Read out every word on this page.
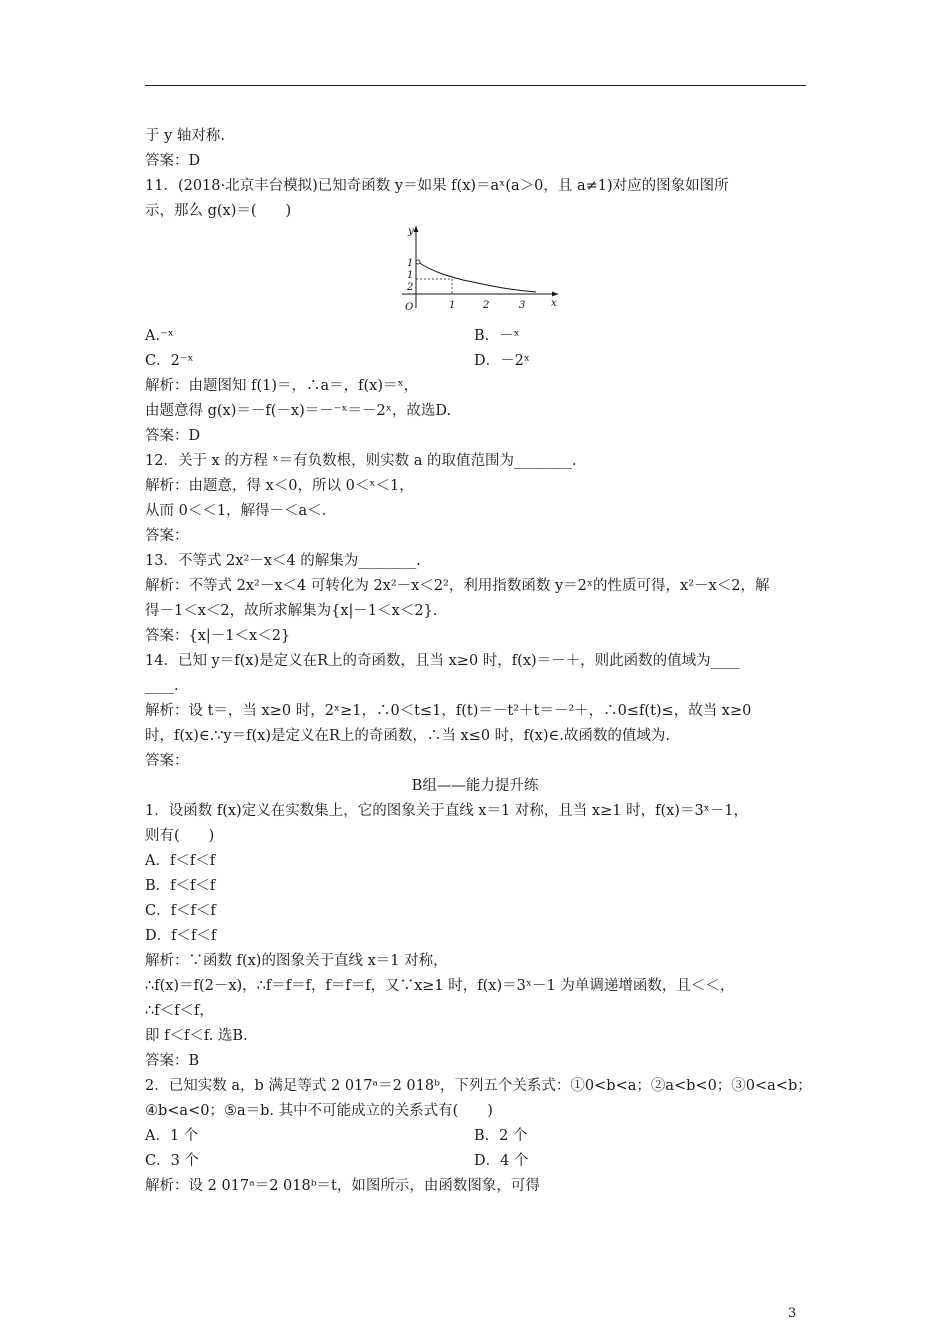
于 y 轴对称.
答案：D
11．(2018·北京丰台模拟)已知奇函数 y＝如果 f(x)＝aˣ(a＞0，且 a≠1)对应的图象如图所
示，那么 g(x)＝(　　)
y
x
O	1	2	3
1
1
2
A.⁻ˣ	B．－ˣ
C．2⁻ˣ	D．－2ˣ
解析：由题图知 f(1)＝，∴a＝，f(x)＝ˣ，
由题意得 g(x)＝－f(－x)＝－⁻ˣ＝－2ˣ，故选D.
答案：D
12．关于 x 的方程 ˣ＝有负数根，则实数 a 的取值范围为________.
解析：由题意，得 x＜0，所以 0＜ˣ＜1，
从而 0＜＜1，解得－＜a＜.
答案：
13．不等式 2x²－x＜4 的解集为________.
解析：不等式 2x²－x＜4 可转化为 2x²－x＜2²，利用指数函数 y＝2ˣ的性质可得，x²－x＜2，解
得－1＜x＜2，故所求解集为{x|－1＜x＜2}.
答案：{x|－1＜x＜2}
14．已知 y＝f(x)是定义在R上的奇函数，且当 x≥0 时，f(x)＝－＋，则此函数的值域为____
____.
解析：设 t＝，当 x≥0 时，2ˣ≥1，∴0＜t≤1，f(t)＝－t²＋t＝－²＋，∴0≤f(t)≤，故当 x≥0
时，f(x)∈.∵y＝f(x)是定义在R上的奇函数，∴当 x≤0 时，f(x)∈.故函数的值域为.
答案：
B组——能力提升练
1．设函数 f(x)定义在实数集上，它的图象关于直线 x＝1 对称，且当 x≥1 时，f(x)＝3ˣ－1，
则有(　　)
A．f＜f＜f
B．f＜f＜f
C．f＜f＜f
D．f＜f＜f
解析：∵函数 f(x)的图象关于直线 x＝1 对称，
∴f(x)＝f(2－x)，∴f＝f＝f，f＝f＝f，又∵x≥1 时，f(x)＝3ˣ－1 为单调递增函数，且＜＜，
∴f＜f＜f，
即 f＜f＜f. 选B.
答案：B
2．已知实数 a，b 满足等式 2 017ᵃ＝2 018ᵇ，下列五个关系式：①0<b<a；②a<b<0；③0<a<b；
④b<a<0；⑤a＝b. 其中不可能成立的关系式有(　　)
A．1 个	B．2 个
C．3 个	D．4 个
解析：设 2 017ᵃ＝2 018ᵇ＝t，如图所示，由函数图象，可得
3
